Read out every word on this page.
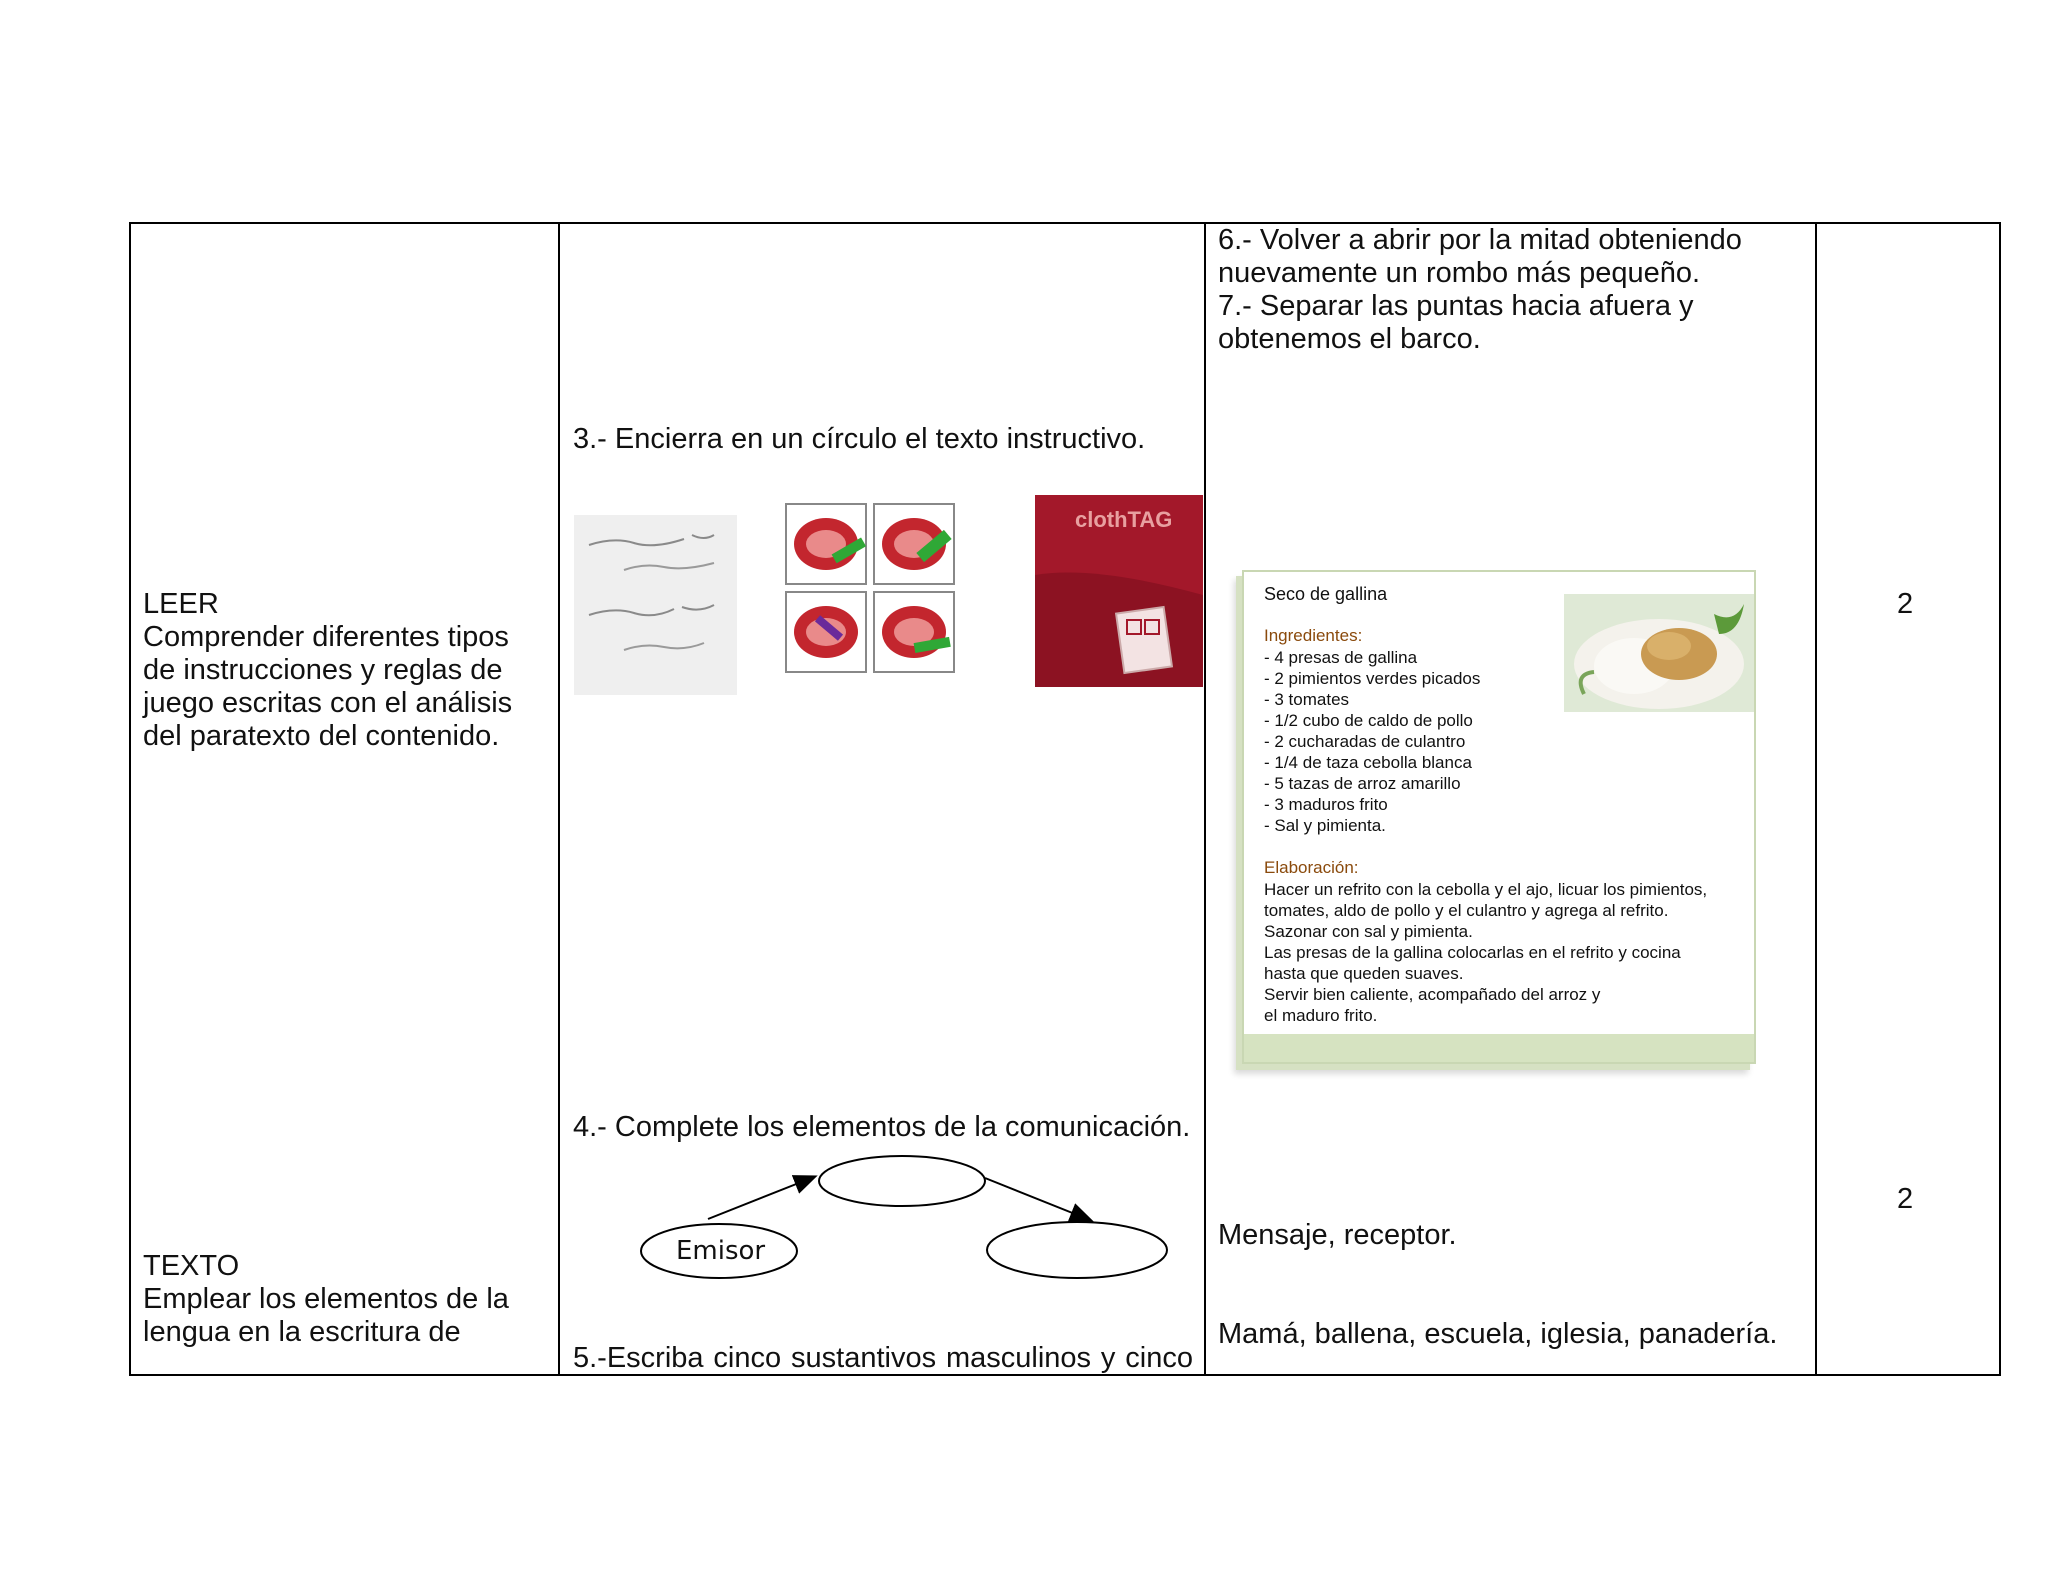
LEER
Comprender diferentes tipos
de instrucciones y reglas de
juego escritas con el análisis
del paratexto del contenido.
TEXTO
Emplear los elementos de la
lengua en la escritura de
3.- Encierra en un círculo el texto instructivo.
clothTAG
4.- Complete los elementos de la comunicación.
Emisor
5.-Escriba cinco sustantivos masculinos y cinco
6.- Volver a abrir por la mitad obteniendo
nuevamente un rombo más pequeño.
7.- Separar las puntas hacia afuera y
obtenemos el barco.
Seco de gallina
Ingredientes:
- 4 presas de gallina
- 2 pimientos verdes picados
- 3 tomates
- 1/2 cubo de caldo de pollo
- 2 cucharadas de culantro
- 1/4 de taza cebolla blanca
- 5 tazas de arroz amarillo
- 3 maduros frito
- Sal y pimienta.
Elaboración:
Hacer un refrito con la cebolla y el ajo, licuar los pimientos,
tomates, aldo de pollo y el culantro y agrega al refrito.
Sazonar con sal y pimienta.
Las presas de la gallina colocarlas en el refrito y cocina
hasta que queden suaves.
Servir bien caliente, acompañado del arroz y
el maduro frito.
Mensaje, receptor.
Mamá, ballena, escuela, iglesia, panadería.
2
2
